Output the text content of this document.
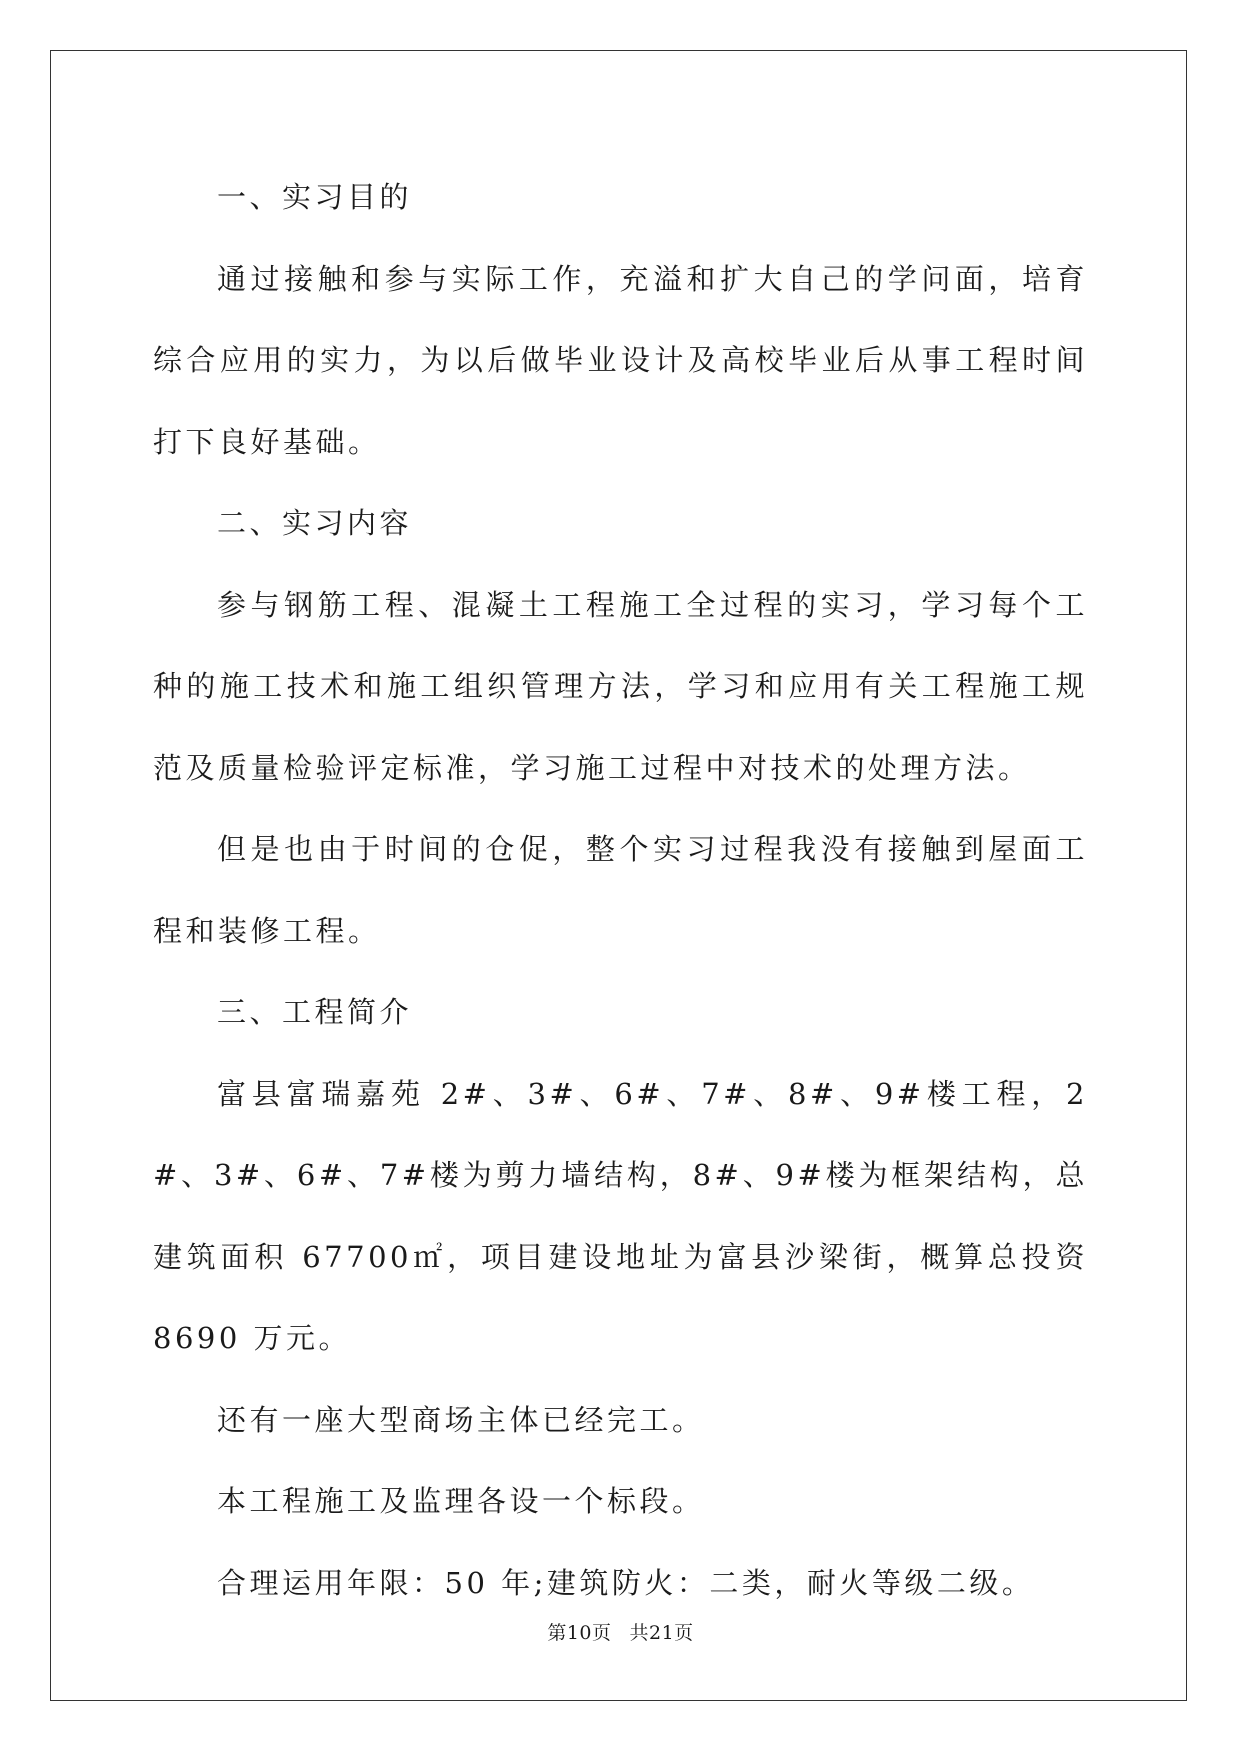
一、实习目的

通过接触和参与实际工作，充溢和扩大自己的学问面，培育综合应用的实力，为以后做毕业设计及高校毕业后从事工程时间打下良好基础。

二、实习内容

参与钢筋工程、混凝土工程施工全过程的实习，学习每个工种的施工技术和施工组织管理方法，学习和应用有关工程施工规范及质量检验评定标准，学习施工过程中对技术的处理方法。

但是也由于时间的仓促，整个实习过程我没有接触到屋面工程和装修工程。

三、工程简介

富县富瑞嘉苑 2#、3#、6#、7#、8#、9#楼工程，2#、3#、6#、7#楼为剪力墙结构，8#、9#楼为框架结构，总建筑面积 67700㎡，项目建设地址为富县沙梁街，概算总投资 8690 万元。

还有一座大型商场主体已经完工。

本工程施工及监理各设一个标段。

合理运用年限：50 年;建筑防火：二类，耐火等级二级。

第10页 共21页
